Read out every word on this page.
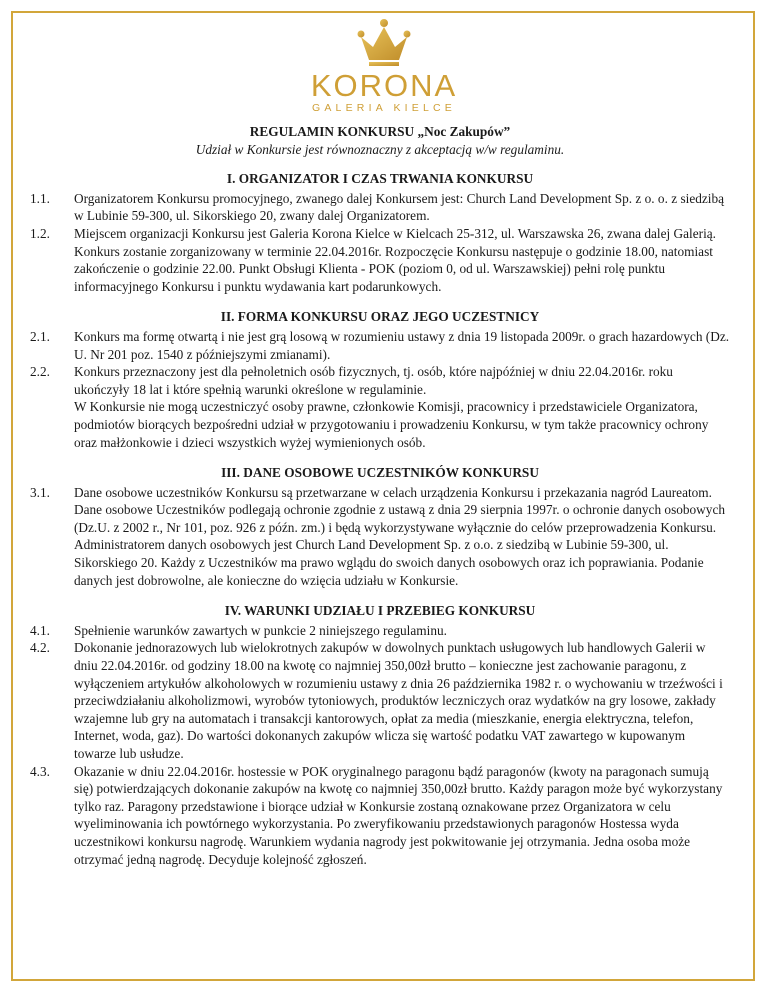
KORONA
GALERIA KIELCE

REGULAMIN KONKURSU „Noc Zakupów”

Udział w Konkursie jest równoznaczny z akceptacją w/w regulaminu.

I. ORGANIZATOR I CZAS TRWANIA KONKURSU

1.1. Organizatorem Konkursu promocyjnego, zwanego dalej Konkursem jest: Church Land Development Sp. z o. o. z siedzibą w Lubinie 59-300, ul. Sikorskiego 20, zwany dalej Organizatorem.
1.2. Miejscem organizacji Konkursu jest Galeria Korona Kielce w Kielcach 25-312, ul. Warszawska 26, zwana dalej Galerią. Konkurs zostanie zorganizowany w terminie 22.04.2016r. Rozpoczęcie Konkursu następuje o godzinie 18.00, natomiast zakończenie o godzinie 22.00. Punkt Obsługi Klienta - POK (poziom 0, od ul. Warszawskiej) pełni rolę punktu informacyjnego Konkursu i punktu wydawania kart podarunkowych.

II. FORMA KONKURSU ORAZ JEGO UCZESTNICY

2.1. Konkurs ma formę otwartą i nie jest grą losową w rozumieniu ustawy z dnia 19 listopada 2009r. o grach hazardowych (Dz. U. Nr 201 poz. 1540 z późniejszymi zmianami).
2.2. Konkurs przeznaczony jest dla pełnoletnich osób fizycznych, tj. osób, które najpóźniej w dniu 22.04.2016r. roku ukończyły 18 lat i które spełnią warunki określone w regulaminie.
W Konkursie nie mogą uczestniczyć osoby prawne, członkowie Komisji, pracownicy i przedstawiciele Organizatora, podmiotów biorących bezpośredni udział w przygotowaniu i prowadzeniu Konkursu, w tym także pracownicy ochrony oraz małżonkowie i dzieci wszystkich wyżej wymienionych osób.

III. DANE OSOBOWE UCZESTNIKÓW KONKURSU

3.1. Dane osobowe uczestników Konkursu są przetwarzane w celach urządzenia Konkursu i przekazania nagród Laureatom.
Dane osobowe Uczestników podlegają ochronie zgodnie z ustawą z dnia 29 sierpnia 1997r. o ochronie danych osobowych (Dz.U. z 2002 r., Nr 101, poz. 926 z późn. zm.) i będą wykorzystywane wyłącznie do celów przeprowadzenia Konkursu. Administratorem danych osobowych jest Church Land Development Sp. z o.o. z siedzibą w Lubinie 59-300, ul. Sikorskiego 20. Każdy z Uczestników ma prawo wglądu do swoich danych osobowych oraz ich poprawiania. Podanie danych jest dobrowolne, ale konieczne do wzięcia udziału w Konkursie.

IV. WARUNKI UDZIAŁU I PRZEBIEG KONKURSU

4.1. Spełnienie warunków zawartych w punkcie 2 niniejszego regulaminu.
4.2. Dokonanie jednorazowych lub wielokrotnych zakupów w dowolnych punktach usługowych lub handlowych Galerii w dniu 22.04.2016r. od godziny 18.00 na kwotę co najmniej 350,00zł brutto – konieczne jest zachowanie paragonu, z wyłączeniem artykułów alkoholowych w rozumieniu ustawy z dnia 26 października 1982 r. o wychowaniu w trzeźwości i przeciwdziałaniu alkoholizmowi, wyrobów tytoniowych, produktów leczniczych oraz wydatków na gry losowe, zakłady wzajemne lub gry na automatach i transakcji kantorowych, opłat za media (mieszkanie, energia elektryczna, telefon, Internet, woda, gaz). Do wartości dokonanych zakupów wlicza się wartość podatku VAT zawartego w kupowanym towarze lub usłudze.
4.3. Okazanie w dniu 22.04.2016r. hostessie w POK oryginalnego paragonu bądź paragonów (kwoty na paragonach sumują się) potwierdzających dokonanie zakupów na kwotę co najmniej 350,00zł brutto. Każdy paragon może być wykorzystany tylko raz. Paragony przedstawione i biorące udział w Konkursie zostaną oznakowane przez Organizatora w celu wyeliminowania ich powtórnego wykorzystania. Po zweryfikowaniu przedstawionych paragonów Hostessa wyda uczestnikowi konkursu nagrodę. Warunkiem wydania nagrody jest pokwitowanie jej otrzymania. Jedna osoba może otrzymać jedną nagrodę. Decyduje kolejność zgłoszeń.
